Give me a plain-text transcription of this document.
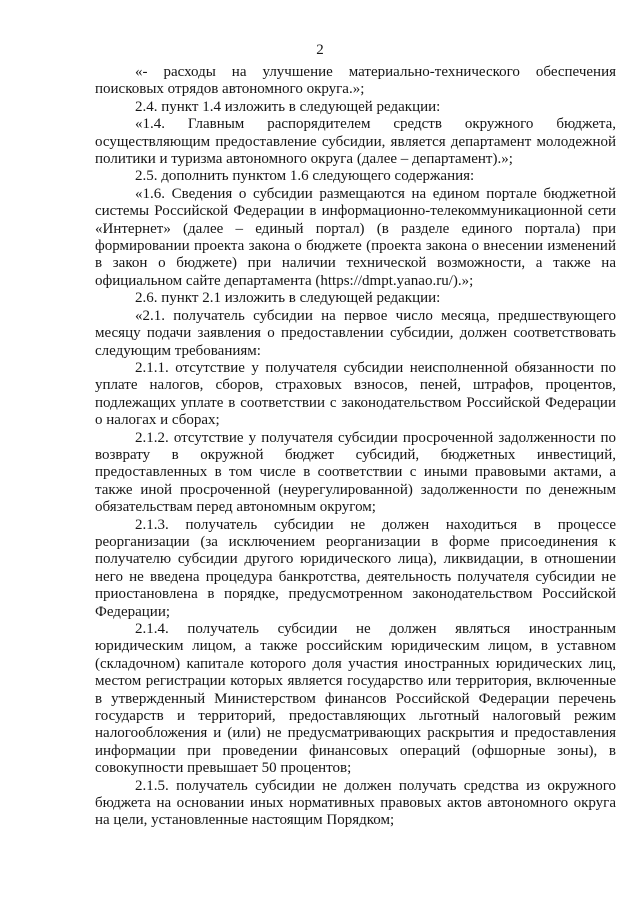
2

«- расходы на улучшение материально-технического обеспечения поисковых отрядов автономного округа.»;

2.4. пункт 1.4 изложить в следующей редакции:

«1.4. Главным распорядителем средств окружного бюджета, осуществляющим предоставление субсидии, является департамент молодежной политики и туризма автономного округа (далее – департамент).»;

2.5. дополнить пунктом 1.6 следующего содержания:

«1.6. Сведения о субсидии размещаются на едином портале бюджетной системы Российской Федерации в информационно-телекоммуникационной сети «Интернет» (далее – единый портал) (в разделе единого портала) при формировании проекта закона о бюджете (проекта закона о внесении изменений в закон о бюджете) при наличии технической возможности, а также на официальном сайте департамента (https://dmpt.yanao.ru/).»;

2.6. пункт 2.1 изложить в следующей редакции:

«2.1. получатель субсидии на первое число месяца, предшествующего месяцу подачи заявления о предоставлении субсидии, должен соответствовать следующим требованиям:

2.1.1. отсутствие у получателя субсидии неисполненной обязанности по уплате налогов, сборов, страховых взносов, пеней, штрафов, процентов, подлежащих уплате в соответствии с законодательством Российской Федерации о налогах и сборах;

2.1.2. отсутствие у получателя субсидии просроченной задолженности по возврату в окружной бюджет субсидий, бюджетных инвестиций, предоставленных в том числе в соответствии с иными правовыми актами, а также иной просроченной (неурегулированной) задолженности по денежным обязательствам перед автономным округом;

2.1.3. получатель субсидии не должен находиться в процессе реорганизации (за исключением реорганизации в форме присоединения к получателю субсидии другого юридического лица), ликвидации, в отношении него не введена процедура банкротства, деятельность получателя субсидии не приостановлена в порядке, предусмотренном законодательством Российской Федерации;

2.1.4. получатель субсидии не должен являться иностранным юридическим лицом, а также российским юридическим лицом, в уставном (складочном) капитале которого доля участия иностранных юридических лиц, местом регистрации которых является государство или территория, включенные в утвержденный Министерством финансов Российской Федерации перечень государств и территорий, предоставляющих льготный налоговый режим налогообложения и (или) не предусматривающих раскрытия и предоставления информации при проведении финансовых операций (офшорные зоны), в совокупности превышает 50 процентов;

2.1.5. получатель субсидии не должен получать средства из окружного бюджета на основании иных нормативных правовых актов автономного округа на цели, установленные настоящим Порядком;
